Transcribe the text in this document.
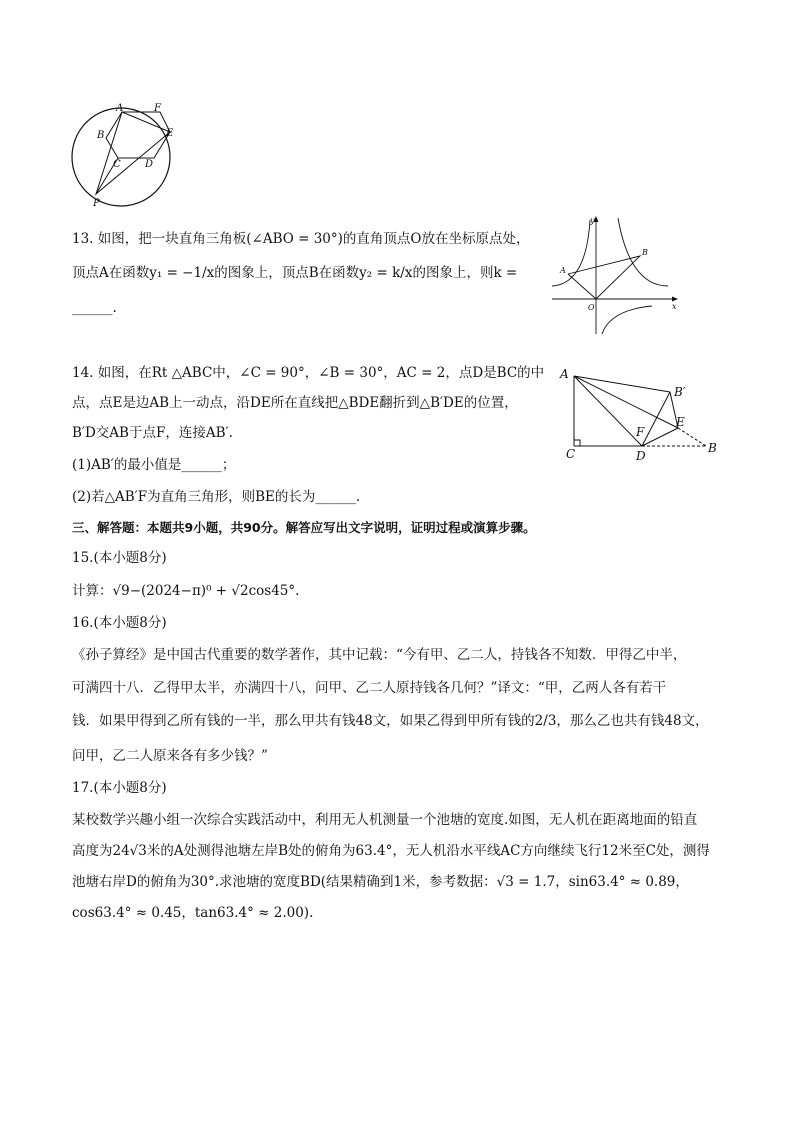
A	F
B	E
C D
P
y
x
A
B
O
A
B′
E
F
C	D
B
13. 如图，把一块直角三角板(∠ABO = 30°)的直角顶点O放在坐标原点处，
顶点A在函数y₁ = −1/x的图象上，顶点B在函数y₂ = k/x的图象上，则k =
______.
14. 如图，在Rt △ABC中，∠C = 90°，∠B = 30°，AC = 2，点D是BC的中
点，点E是边AB上一动点，沿DE所在直线把△BDE翻折到△B′DE的位置，
B′D交AB于点F，连接AB′.
(1)AB′的最小值是______；
(2)若△AB′F为直角三角形，则BE的长为______.
三、解答题：本题共9小题，共90分。解答应写出文字说明，证明过程或演算步骤。
15.(本小题8分)
计算：√9−(2024−π)⁰ + √2cos45°.
16.(本小题8分)
《孙子算经》是中国古代重要的数学著作，其中记载：“今有甲、乙二人，持钱各不知数．甲得乙中半，
可满四十八．乙得甲太半，亦满四十八，问甲、乙二人原持钱各几何？”译文：“甲，乙两人各有若干
钱．如果甲得到乙所有钱的一半，那么甲共有钱48文，如果乙得到甲所有钱的2/3，那么乙也共有钱48文，
问甲，乙二人原来各有多少钱？”
17.(本小题8分)
某校数学兴趣小组一次综合实践活动中，利用无人机测量一个池塘的宽度.如图，无人机在距离地面的铅直
高度为24√3米的A处测得池塘左岸B处的俯角为63.4°，无人机沿水平线AC方向继续飞行12米至C处，测得
池塘右岸D的俯角为30°.求池塘的宽度BD(结果精确到1米，参考数据：√3 = 1.7，sin63.4° ≈ 0.89，
cos63.4° ≈ 0.45，tan63.4° ≈ 2.00).
